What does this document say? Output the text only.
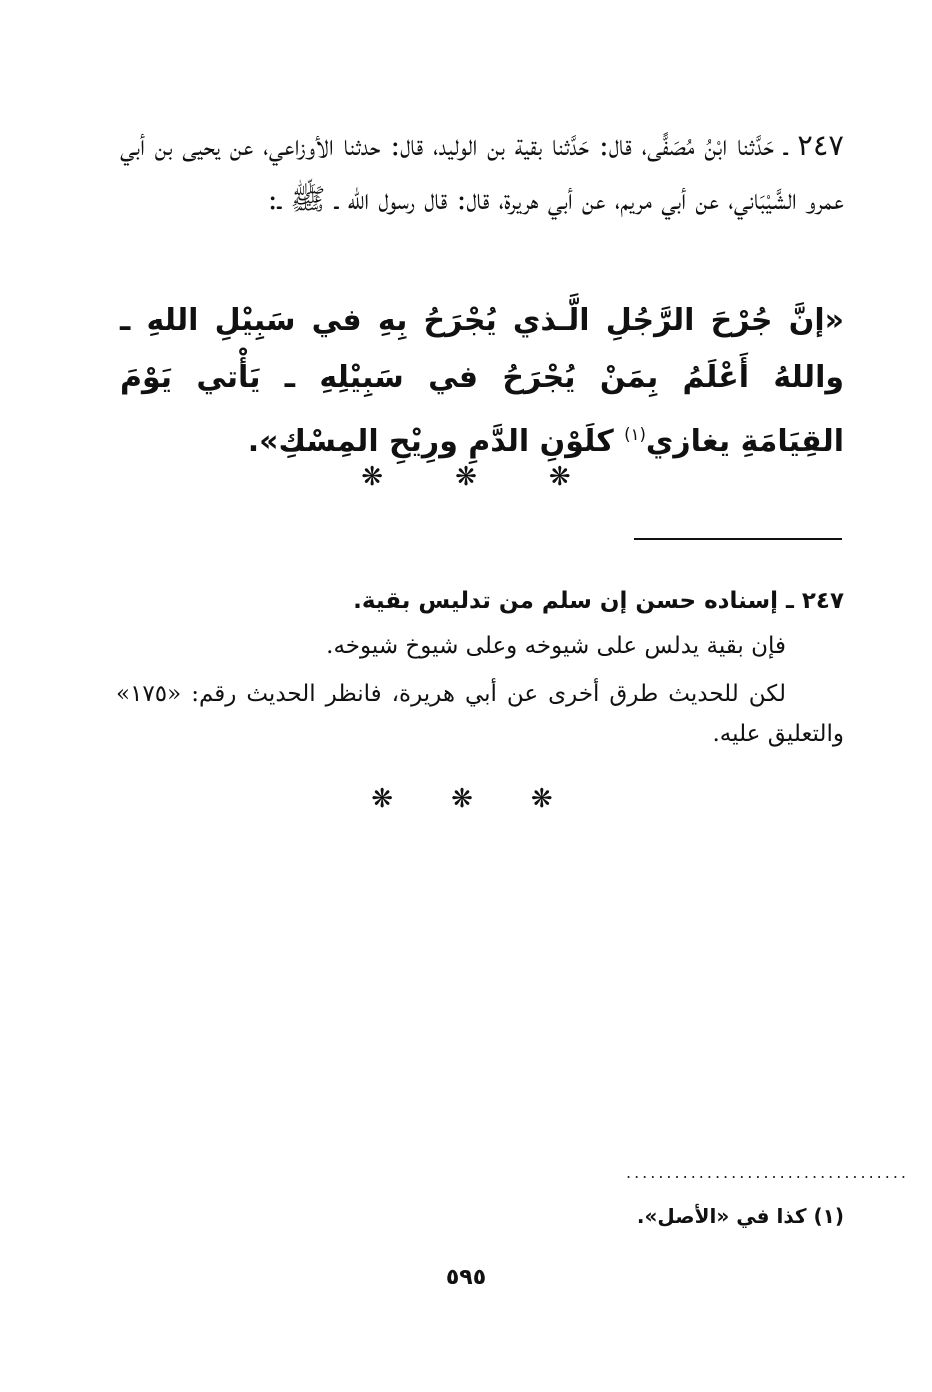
٢٤٧ ـ حَدَّثنا ابْنُ مُصَفًّى، قال: حَدَّثنا بقية بن الوليد، قال: حدثنا الأوزاعي، عن يحيى بن أبي عمرو الشَّيْبَاني، عن أبي مريم، عن أبي هريرة، قال: قال رسول الله ـ ﷺ ـ:

«إنَّ جُرْحَ الرَّجُلِ الَّـذي يُجْرَحُ بِهِ في سَبِيْلِ اللهِ ـ واللهُ أَعْلَمُ بِمَنْ يُجْرَحُ في سَبِيْلِهِ ـ يَأْتي يَوْمَ القِيَامَةِ يغازي$^{(١)}$ كلَوْنِ الدَّمِ ورِيْحِ المِسْكِ».

❋	❋	❋

٢٤٧ ـ إسناده حسن إن سلم من تدليس بقية.

فإن بقية يدلس على شيوخه وعلى شيوخ شيوخه.

لكن للحديث طرق أخرى عن أبي هريرة، فانظر الحديث رقم: «١٧٥» والتعليق عليه.

❋ ❋ ❋
...................................

(١) كذا في «الأصل».

٥٩٥
